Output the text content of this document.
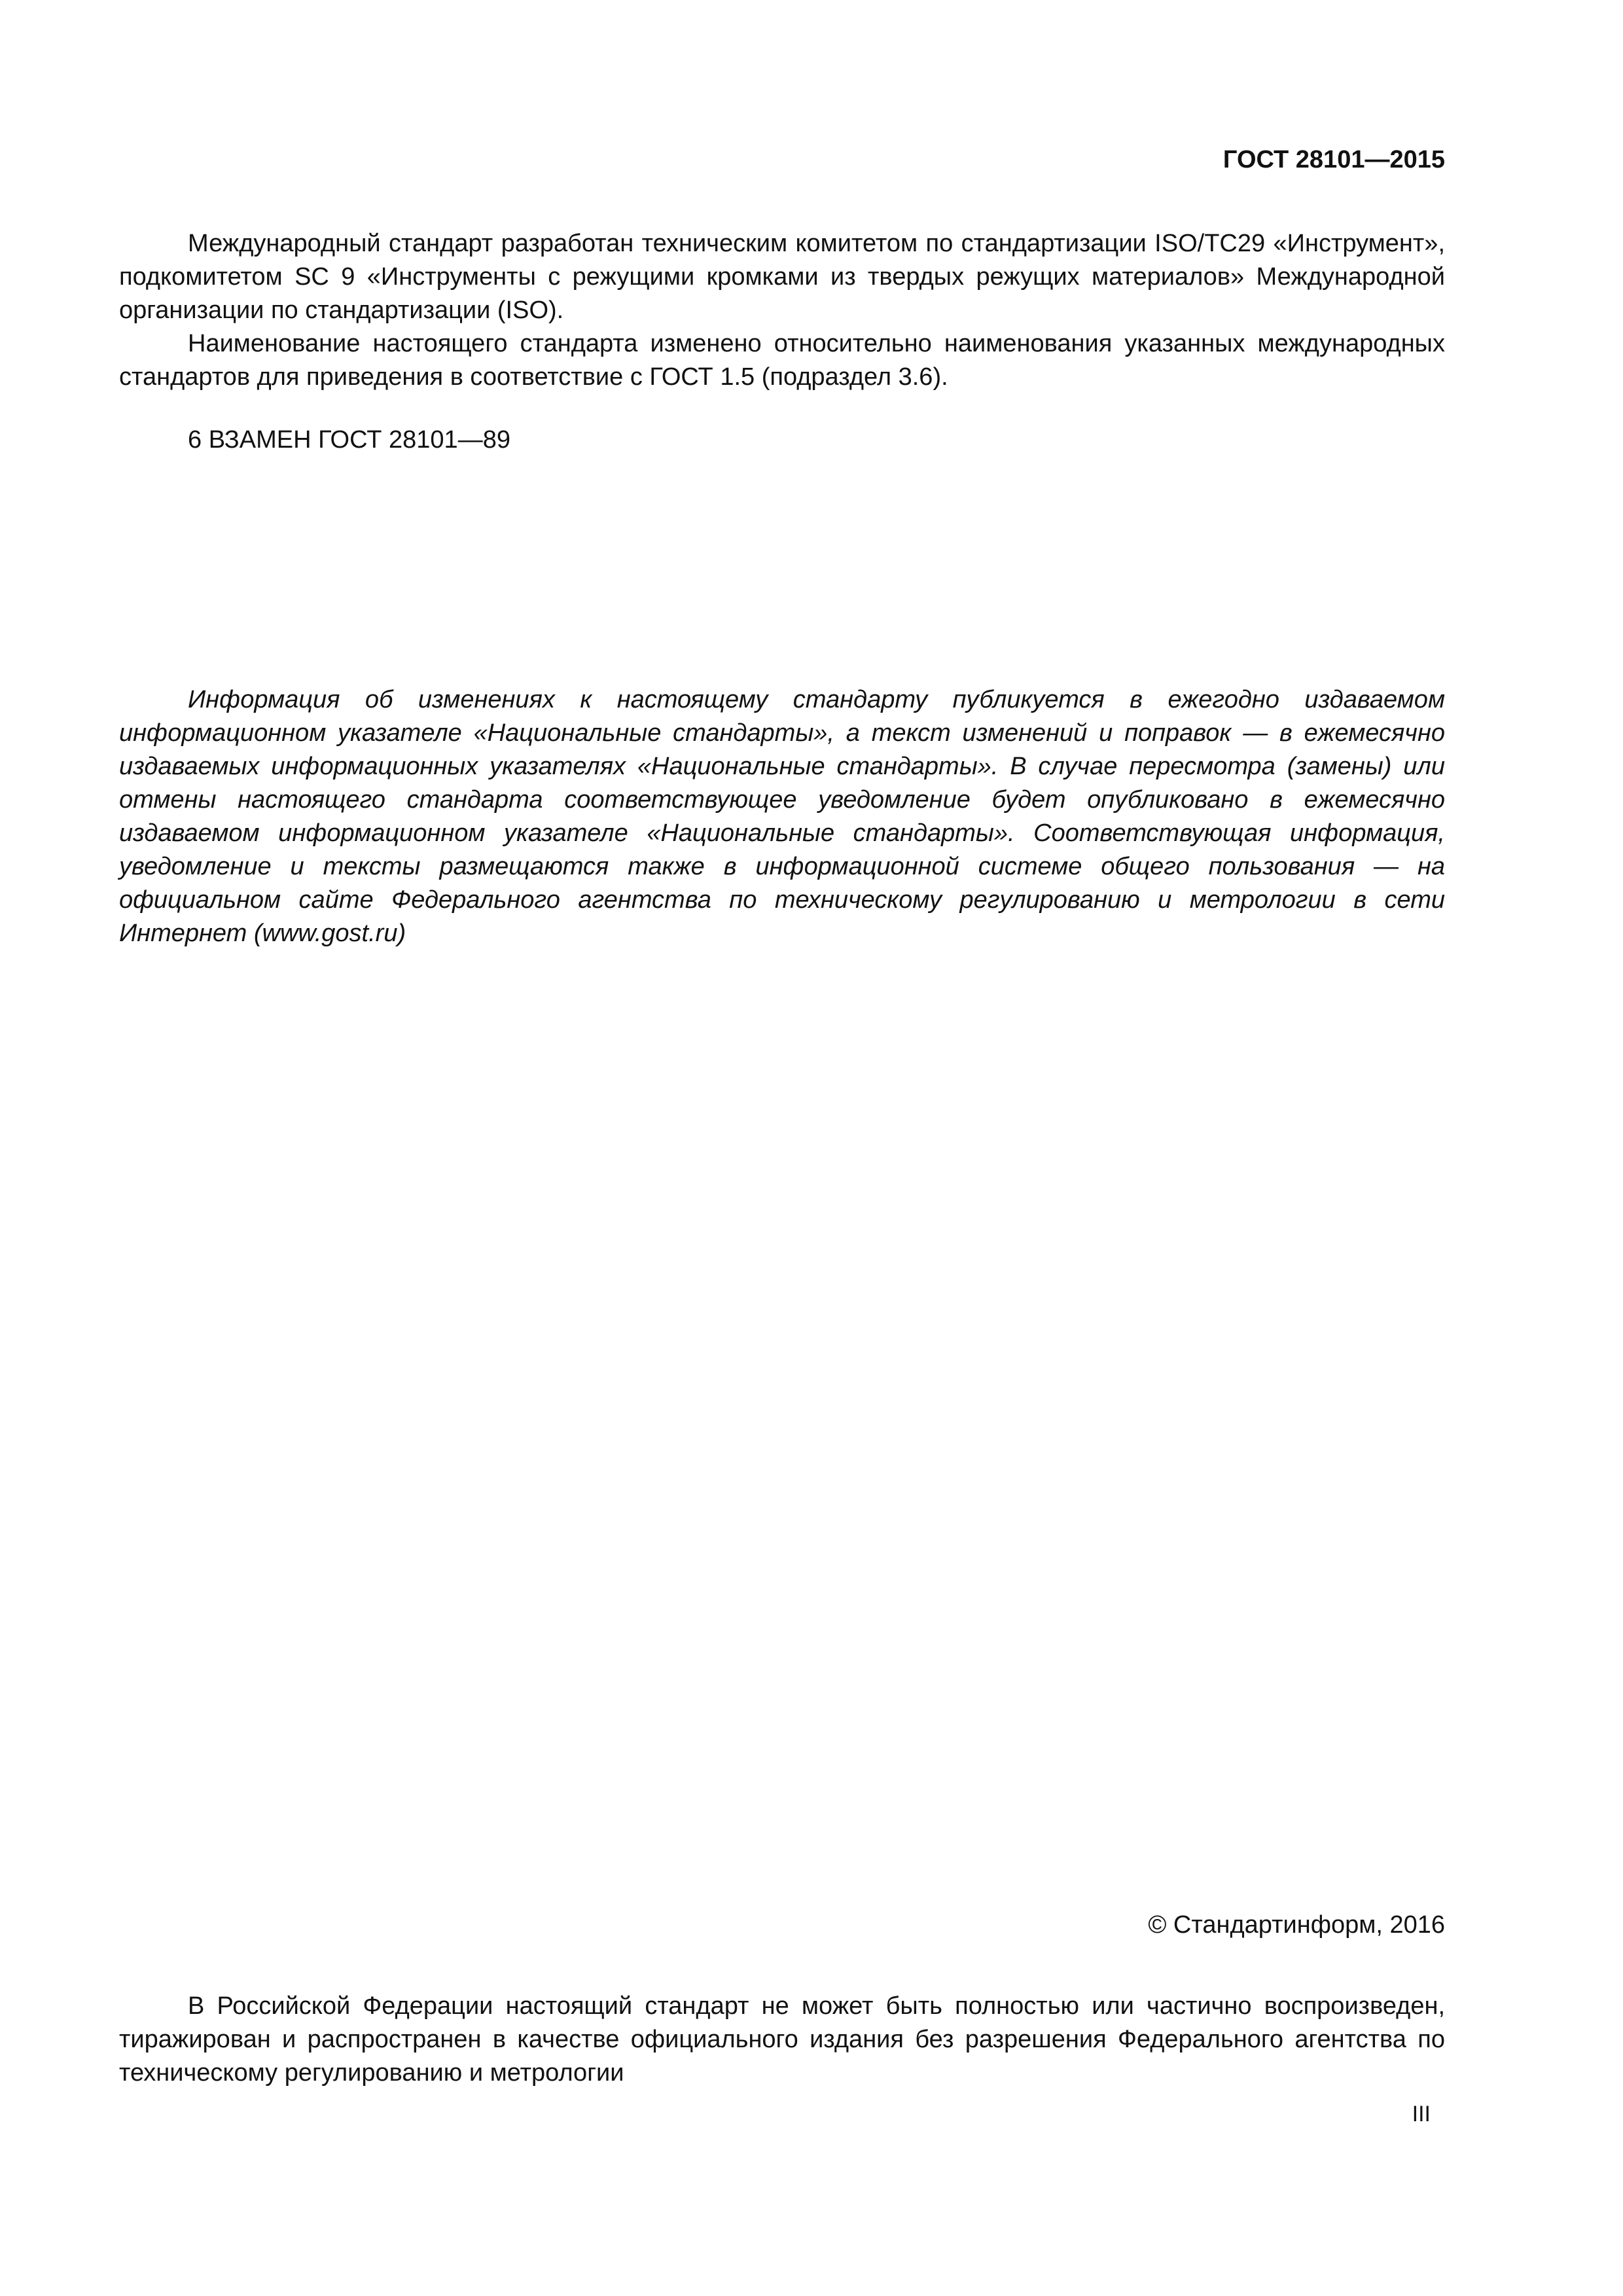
ГОСТ 28101—2015

Международный стандарт разработан техническим комитетом по стандартизации ISO/TC29 «Инструмент», подкомитетом SC 9 «Инструменты с режущими кромками из твердых режущих материалов» Международной организации по стандартизации (ISO).

Наименование настоящего стандарта изменено относительно наименования указанных международных стандартов для приведения в соответствие с ГОСТ 1.5 (подраздел 3.6).

6 ВЗАМЕН ГОСТ 28101—89

Информация об изменениях к настоящему стандарту публикуется в ежегодно издаваемом информационном указателе «Национальные стандарты», а текст изменений и поправок — в ежемесячно издаваемых информационных указателях «Национальные стандарты». В случае пересмотра (замены) или отмены настоящего стандарта соответствующее уведомление будет опубликовано в ежемесячно издаваемом информационном указателе «Национальные стандарты». Соответствующая информация, уведомление и тексты размещаются также в информационной системе общего пользования — на официальном сайте Федерального агентства по техническому регулированию и метрологии в сети Интернет (www.gost.ru)

© Стандартинформ, 2016

В Российской Федерации настоящий стандарт не может быть полностью или частично воспроизведен, тиражирован и распространен в качестве официального издания без разрешения Федерального агентства по техническому регулированию и метрологии

III
